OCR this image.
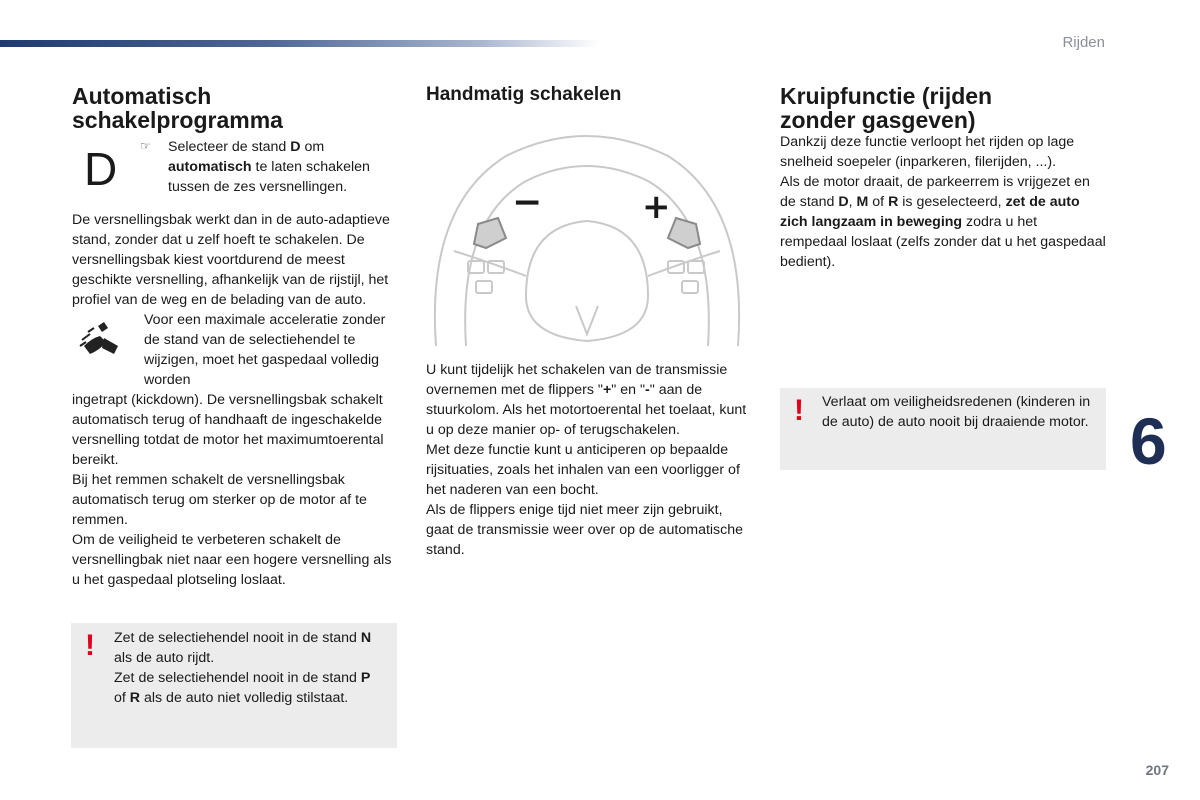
Rijden
207
6
Automatisch
schakelprogramma
D ☞ Selecteer de stand D om
automatisch te laten schakelen tussen de zes versnellingen.

De versnellingsbak werkt dan in de auto-adaptieve stand, zonder dat u zelf hoeft te schakelen. De versnellingsbak kiest voortdurend de meest geschikte versnelling, afhankelijk van de rijstijl, het profiel van de weg en de belading van de auto.

Voor een maximale acceleratie zonder de stand van de selectiehendel te wijzigen, moet het gaspedaal volledig worden

ingetrapt (kickdown). De versnellingsbak schakelt automatisch terug of handhaaft de ingeschakelde versnelling totdat de motor het maximumtoerental bereikt.

Bij het remmen schakelt de versnellingsbak automatisch terug om sterker op de motor af te remmen.

Om de veiligheid te verbeteren schakelt de versnellingbak niet naar een hogere versnelling als u het gaspedaal plotseling loslaat.

! Zet de selectiehendel nooit in de stand N als de auto rijdt.
Zet de selectiehendel nooit in de stand P of R als de auto niet volledig stilstaat.
Handmatig schakelen
−	+

U kunt tijdelijk het schakelen van de transmissie overnemen met de flippers "+" en "-" aan de stuurkolom. Als het motortoerental het toelaat, kunt u op deze manier op- of terugschakelen.

Met deze functie kunt u anticiperen op bepaalde rijsituaties, zoals het inhalen van een voorligger of het naderen van een bocht.

Als de flippers enige tijd niet meer zijn gebruikt, gaat de transmissie weer over op de automatische stand.

Kruipfunctie (rijden
zonder gasgeven)

Dankzij deze functie verloopt het rijden op lage snelheid soepeler (inparkeren, filerijden, ...).

Als de motor draait, de parkeerrem is vrijgezet en de stand D, M of R is geselecteerd, zet de auto zich langzaam in beweging zodra u het rempedaal loslaat (zelfs zonder dat u het gaspedaal bedient).

! Verlaat om veiligheidsredenen (kinderen in de auto) de auto nooit bij draaiende motor.
